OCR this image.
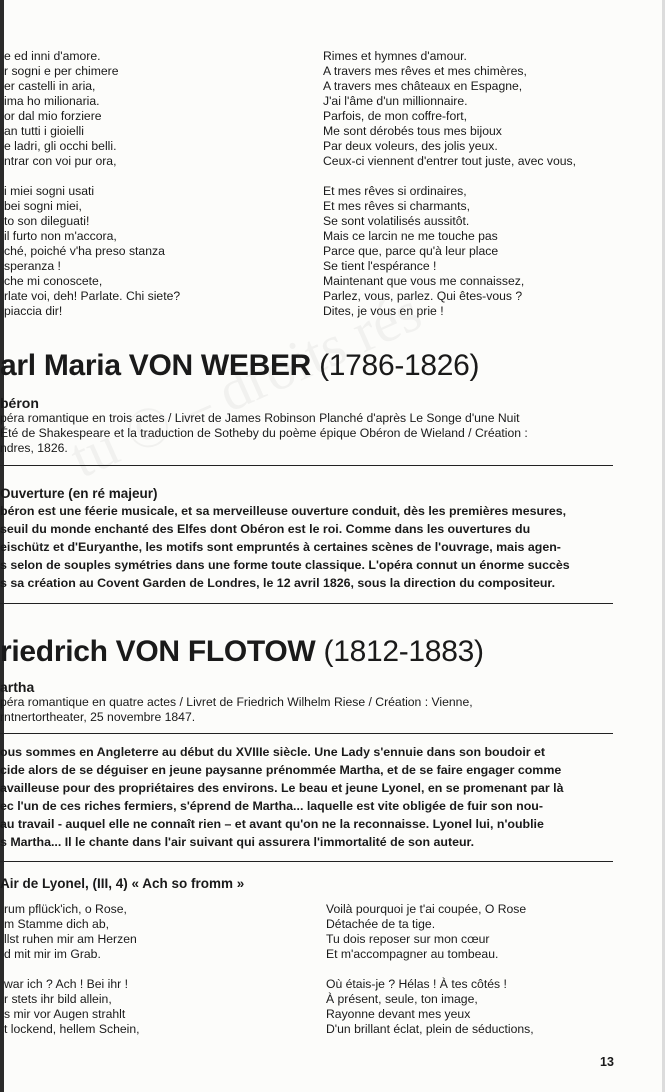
e ed inni d'amore.
r sogni e per chimere
er castelli in aria,
ima ho milionaria.
or dal mio forziere
an tutti i gioielli
e ladri, gli occhi belli.
ntrar con voi pur ora,
i miei sogni usati
bei sogni miei,
to son dileguati!
il furto non m'accora,
ché, poiché v'ha preso stanza
speranza !
che mi conoscete,
rlate voi, deh! Parlate. Chi siete?
piaccia dir!
Rimes et hymnes d'amour.
A travers mes rêves et mes chimères,
A travers mes châteaux en Espagne,
J'ai l'âme d'un millionnaire.
Parfois, de mon coffre-fort,
Me sont dérobés tous mes bijoux
Par deux voleurs, des jolis yeux.
Ceux-ci viennent d'entrer tout juste, avec vous,
Et mes rêves si ordinaires,
Et mes rêves si charmants,
Se sont volatilisés aussitôt.
Mais ce larcin ne me touche pas
Parce que, parce qu'à leur place
Se tient l'espérance !
Maintenant que vous me connaissez,
Parlez, vous, parlez. Qui êtes-vous ?
Dites, je vous en prie !
arl Maria VON WEBER (1786-1826)
béron
péra romantique en trois actes / Livret de James Robinson Planché d'après Le Songe d'une Nuit
Été de Shakespeare et la traduction de Sotheby du poème épique Obéron de Wieland / Création :
ndres, 1826.
Ouverture (en ré majeur)
béron est une féerie musicale, et sa merveilleuse ouverture conduit, dès les premières mesures,
seuil du monde enchanté des Elfes dont Obéron est le roi. Comme dans les ouvertures du
eischütz et d'Euryanthe, les motifs sont empruntés à certaines scènes de l'ouvrage, mais agen-
s selon de souples symétries dans une forme toute classique. L'opéra connut un énorme succès
s sa création au Covent Garden de Londres, le 12 avril 1826, sous la direction du compositeur.
riedrich VON FLOTOW (1812-1883)
artha
péra romantique en quatre actes / Livret de Friedrich Wilhelm Riese / Création : Vienne,
rntnertortheater, 25 novembre 1847.
ous sommes en Angleterre au début du XVIIIe siècle. Une Lady s'ennuie dans son boudoir et
cide alors de se déguiser en jeune paysanne prénommée Martha, et de se faire engager comme
availleuse pour des propriétaires des environs. Le beau et jeune Lyonel, en se promenant par là
ec l'un de ces riches fermiers, s'éprend de Martha... laquelle est vite obligée de fuir son nou-
au travail - auquel elle ne connaît rien – et avant qu'on ne la reconnaisse. Lyonel lui, n'oublie
s Martha... Il le chante dans l'air suivant qui assurera l'immortalité de son auteur.
Air de Lyonel, (III, 4) « Ach so fromm »
rum pflück'ich, o Rose,
m Stamme dich ab,
llst ruhen mir am Herzen
d mit mir im Grab.
war ich ? Ach ! Bei ihr !
r stets ihr bild allein,
s mir vor Augen strahlt
t lockend, hellem Schein,
Voilà pourquoi je t'ai coupée, O Rose
Détachée de ta tige.
Tu dois reposer sur mon cœur
Et m'accompagner au tombeau.
Où étais-je ? Hélas ! À tes côtés !
À présent, seule, ton image,
Rayonne devant mes yeux
D'un brillant éclat, plein de séductions,
13
